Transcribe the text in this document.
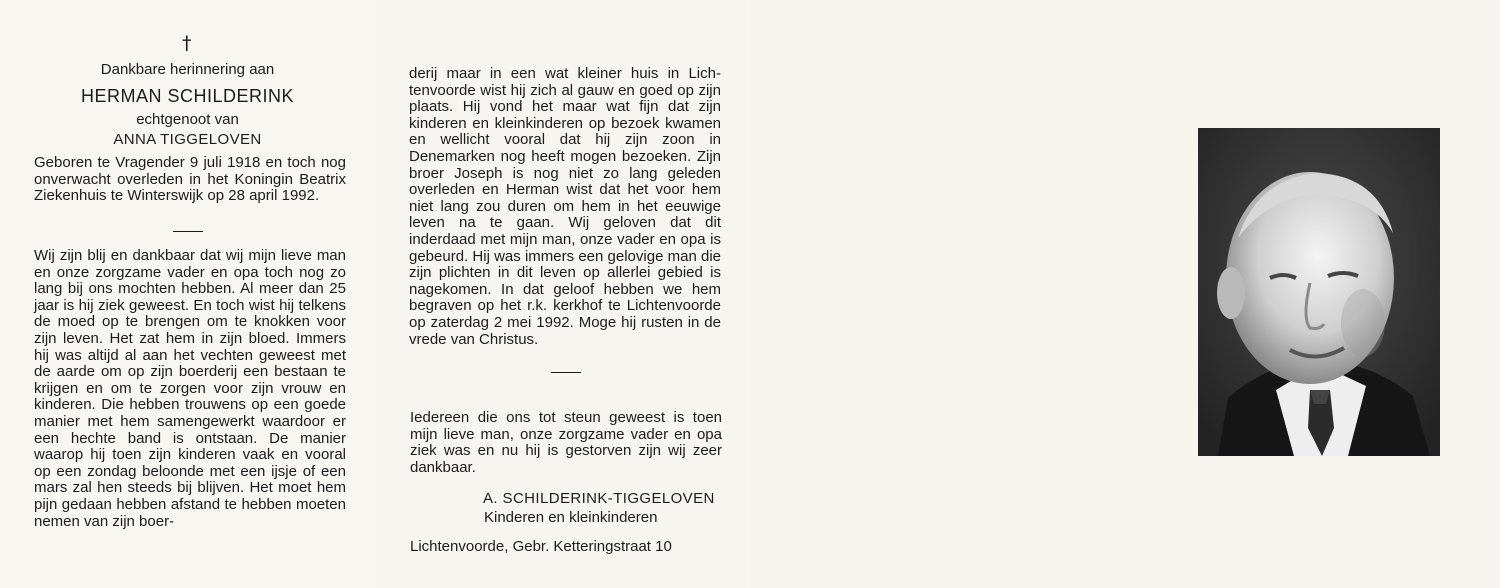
†
Dankbare herinnering aan
HERMAN SCHILDERINK
echtgenoot van
ANNA TIGGELOVEN
Geboren te Vragender 9 juli 1918 en toch nog onverwacht overleden in het Koningin Beatrix Ziekenhuis te Winterswijk op 28 april 1992.
Wij zijn blij en dankbaar dat wij mijn lieve man en onze zorgzame vader en opa toch nog zo lang bij ons mochten hebben. Al meer dan 25 jaar is hij ziek geweest. En toch wist hij telkens de moed op te brengen om te knokken voor zijn leven. Het zat hem in zijn bloed. Immers hij was altijd al aan het vechten geweest met de aarde om op zijn boerderij een bestaan te krijgen en om te zorgen voor zijn vrouw en kinderen. Die hebben trouwens op een goede manier met hem samengewerkt waardoor er een hechte band is ontstaan. De manier waarop hij toen zijn kinderen vaak en vooral op een zondag beloonde met een ijsje of een mars zal hen steeds bij blijven. Het moet hem pijn gedaan hebben afstand te hebben moeten nemen van zijn boer-
derij maar in een wat kleiner huis in Lichtenvoorde wist hij zich al gauw en goed op zijn plaats. Hij vond het maar wat fijn dat zijn kinderen en kleinkinderen op bezoek kwamen en wellicht vooral dat hij zijn zoon in Denemarken nog heeft mogen bezoeken. Zijn broer Joseph is nog niet zo lang geleden overleden en Herman wist dat het voor hem niet lang zou duren om hem in het eeuwige leven na te gaan. Wij geloven dat dit inderdaad met mijn man, onze vader en opa is gebeurd. Hij was immers een gelovige man die zijn plichten in dit leven op allerlei gebied is nagekomen. In dat geloof hebben we hem begraven op het r.k. kerkhof te Lichtenvoorde op zaterdag 2 mei 1992. Moge hij rusten in de vrede van Christus.
Iedereen die ons tot steun geweest is toen mijn lieve man, onze zorgzame vader en opa ziek was en nu hij is gestorven zijn wij zeer dankbaar.
A. SCHILDERINK-TIGGELOVEN
Kinderen en kleinkinderen
Lichtenvoorde, Gebr. Ketteringstraat 10
